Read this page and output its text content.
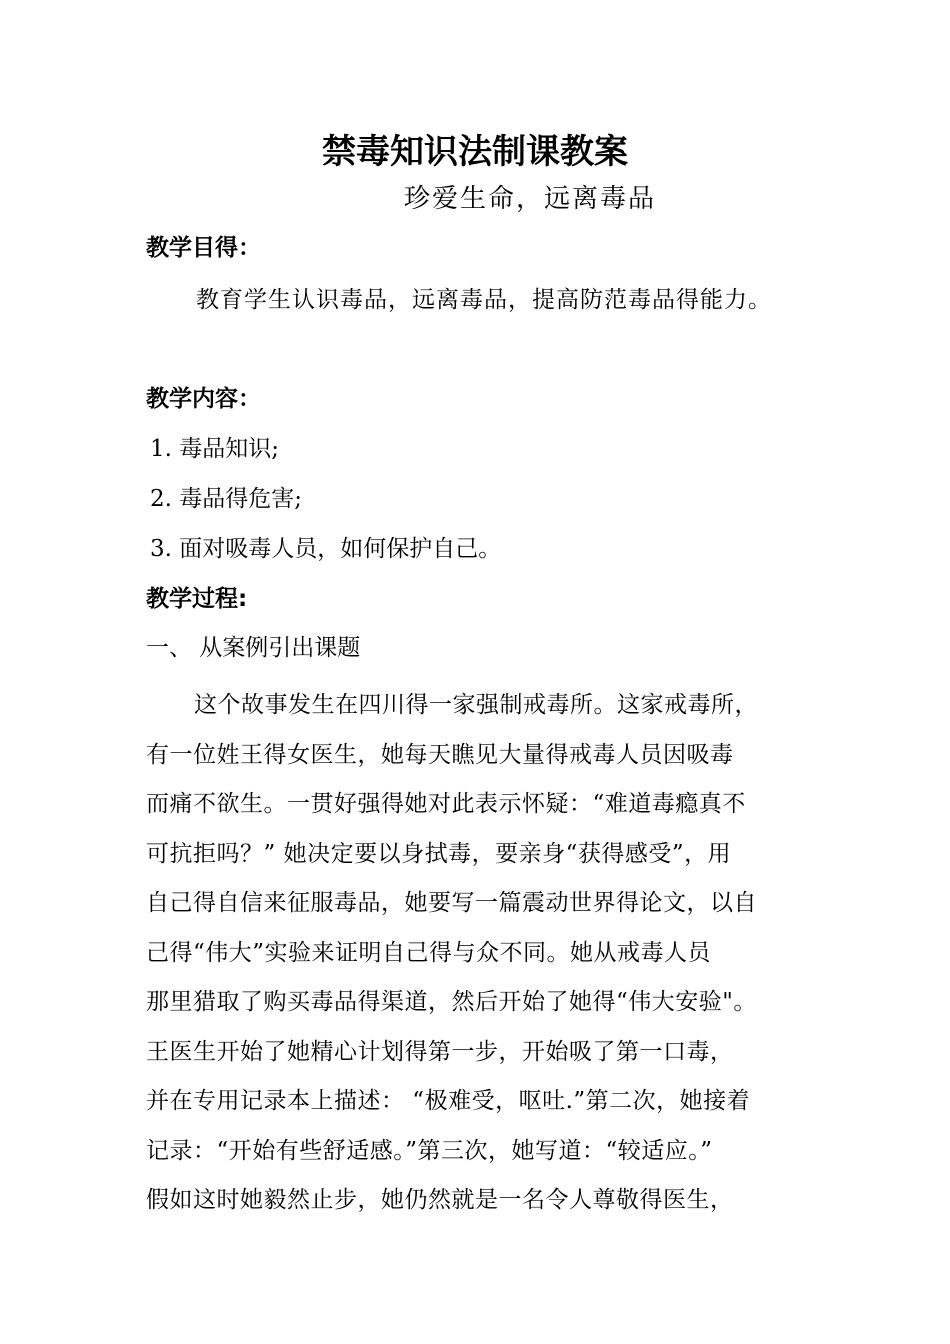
禁毒知识法制课教案
珍爱生命，远离毒品
教学目得：
教育学生认识毒品，远离毒品，提高防范毒品得能力。
教学内容：
1. 毒品知识;
2. 毒品得危害;
3. 面对吸毒人员，如何保护自己。
教学过程:
一、 从案例引出课题
这个故事发生在四川得一家强制戒毒所。这家戒毒所，
有一位姓王得女医生，她每天瞧见大量得戒毒人员因吸毒
而痛不欲生。一贯好强得她对此表示怀疑：“难道毒瘾真不
可抗拒吗？” 她决定要以身拭毒，要亲身“获得感受”，用
自己得自信来征服毒品，她要写一篇震动世界得论文，以自
己得“伟大”实验来证明自己得与众不同。她从戒毒人员
那里猎取了购买毒品得渠道，然后开始了她得“伟大安验"。
王医生开始了她精心计划得第一步，开始吸了第一口毒，
并在专用记录本上描述： “极难受，呕吐.”第二次，她接着
记录：“开始有些舒适感。”第三次，她写道：“较适应。”
假如这时她毅然止步，她仍然就是一名令人尊敬得医生，
